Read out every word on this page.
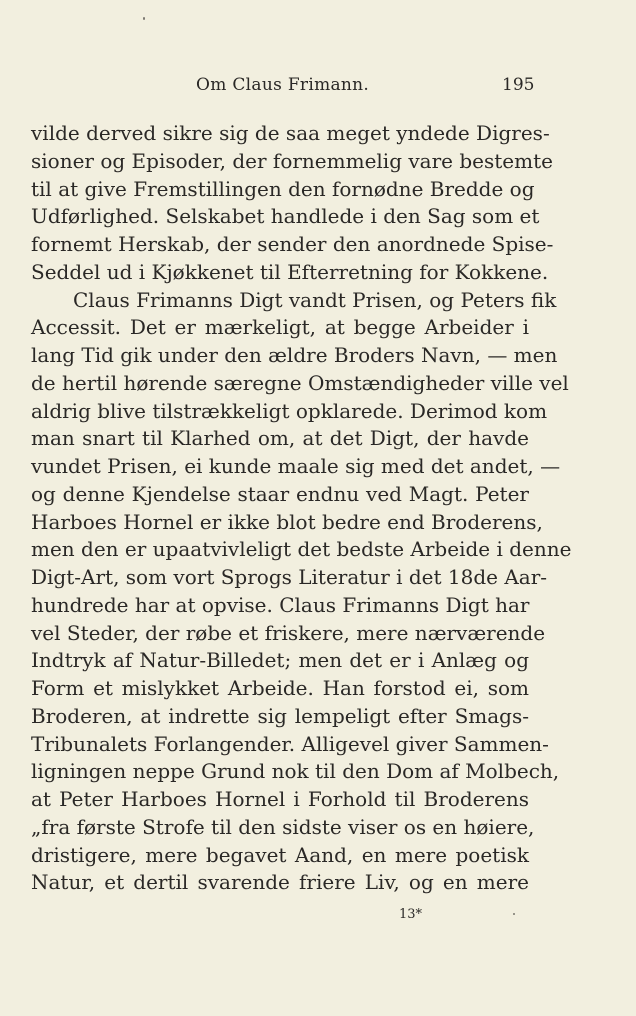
Om Claus Frimann.	195
vilde derved sikre sig de saa meget yndede Digres-
sioner og Episoder, der fornemmelig vare bestemte
til at give Fremstillingen den fornødne Bredde og
Udførlighed. Selskabet handlede i den Sag som et
fornemt Herskab, der sender den anordnede Spise-
Seddel ud i Kjøkkenet til Efterretning for Kokkene.
Claus Frimanns Digt vandt Prisen, og Peters fik
Accessit. Det er mærkeligt, at begge Arbeider i
lang Tid gik under den ældre Broders Navn, — men
de hertil hørende særegne Omstændigheder ville vel
aldrig blive tilstrækkeligt opklarede. Derimod kom
man snart til Klarhed om, at det Digt, der havde
vundet Prisen, ei kunde maale sig med det andet, —
og denne Kjendelse staar endnu ved Magt. Peter
Harboes Hornel er ikke blot bedre end Broderens,
men den er upaatvivleligt det bedste Arbeide i denne
Digt-Art, som vort Sprogs Literatur i det 18de Aar-
hundrede har at opvise. Claus Frimanns Digt har
vel Steder, der røbe et friskere, mere nærværende
Indtryk af Natur-Billedet; men det er i Anlæg og
Form et mislykket Arbeide. Han forstod ei, som
Broderen, at indrette sig lempeligt efter Smags-
Tribunalets Forlangender. Alligevel giver Sammen-
ligningen neppe Grund nok til den Dom af Molbech,
at Peter Harboes Hornel i Forhold til Broderens
„fra første Strofe til den sidste viser os en høiere,
dristigere, mere begavet Aand, en mere poetisk
Natur, et dertil svarende friere Liv, og en mere
13*
